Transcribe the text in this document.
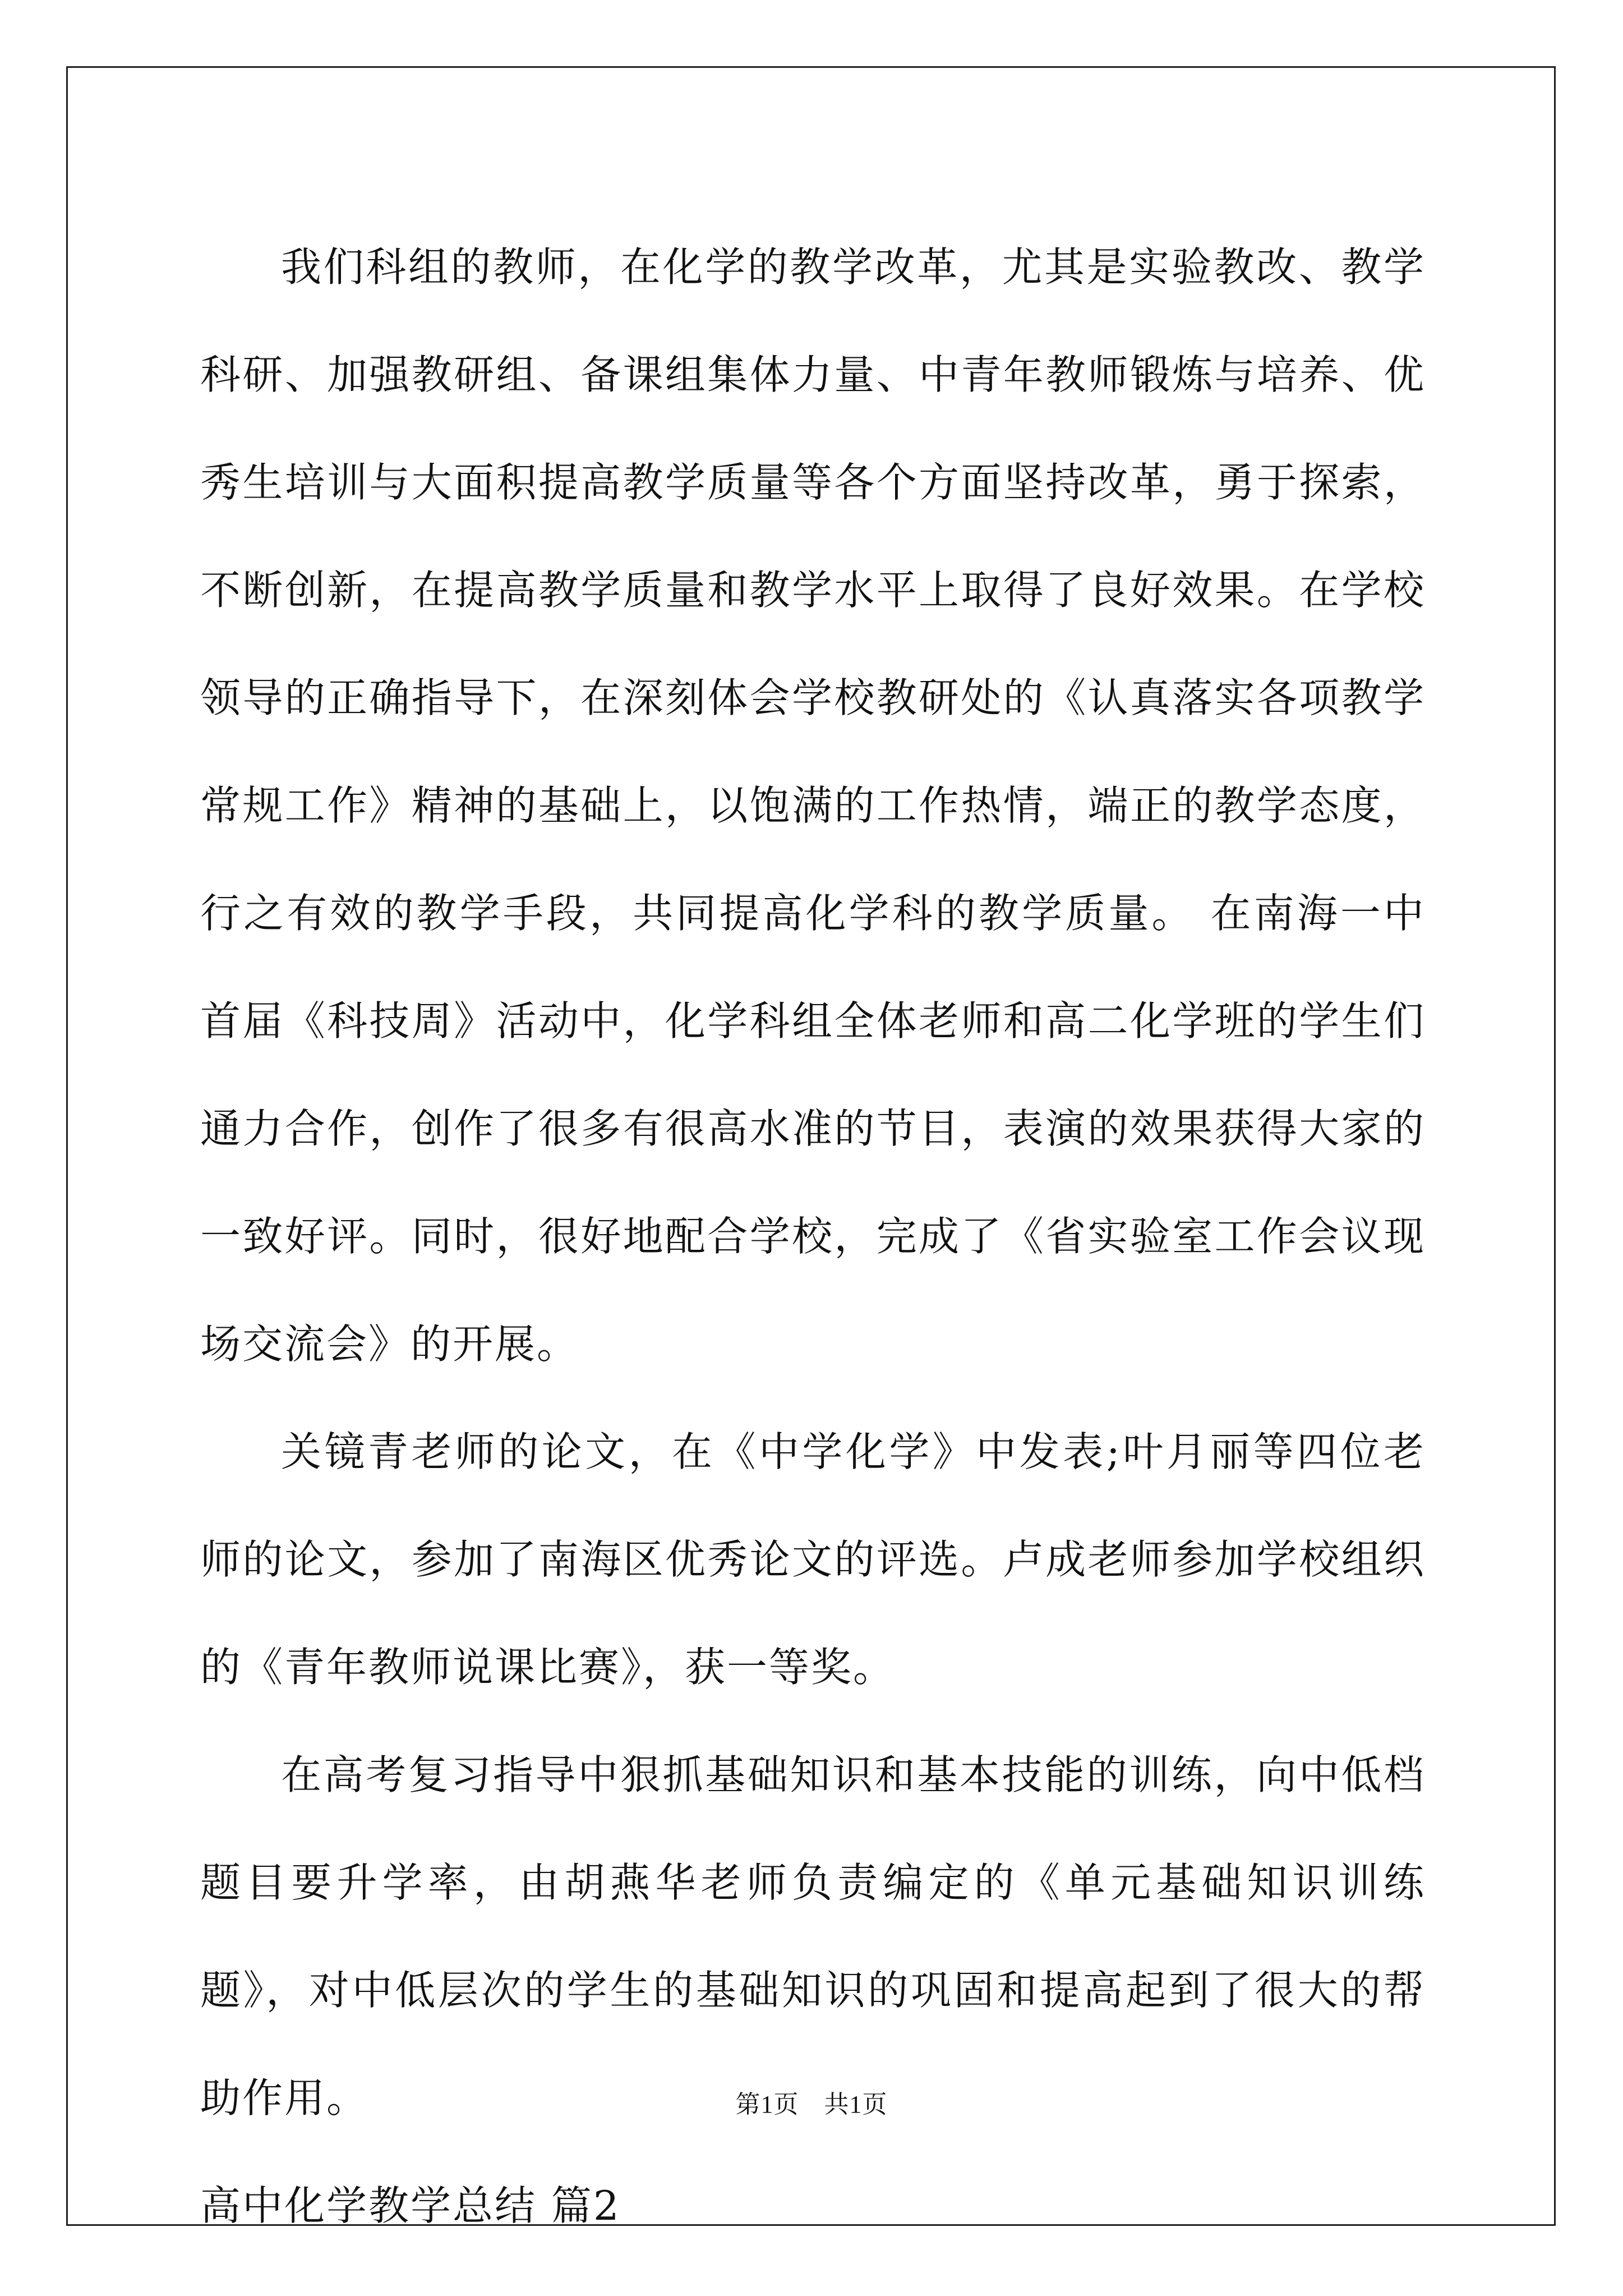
我们科组的教师，在化学的教学改革，尤其是实验教改、教学科研、加强教研组、备课组集体力量、中青年教师锻炼与培养、优秀生培训与大面积提高教学质量等各个方面坚持改革，勇于探索，不断创新，在提高教学质量和教学水平上取得了良好效果。在学校领导的正确指导下，在深刻体会学校教研处的《认真落实各项教学常规工作》精神的基础上，以饱满的工作热情，端正的教学态度，行之有效的教学手段，共同提高化学科的教学质量。 在南海一中首届《科技周》活动中，化学科组全体老师和高二化学班的学生们通力合作，创作了很多有很高水准的节目，表演的效果获得大家的一致好评。同时，很好地配合学校，完成了《省实验室工作会议现场交流会》的开展。

关镜青老师的论文，在《中学化学》中发表;叶月丽等四位老师的论文，参加了南海区优秀论文的评选。卢成老师参加学校组织的《青年教师说课比赛》，获一等奖。

在高考复习指导中狠抓基础知识和基本技能的训练，向中低档题目要升学率，由胡燕华老师负责编定的《单元基础知识训练题》，对中低层次的学生的基础知识的巩固和提高起到了很大的帮助作用。

高中化学教学总结 篇2

第1页　共1页
